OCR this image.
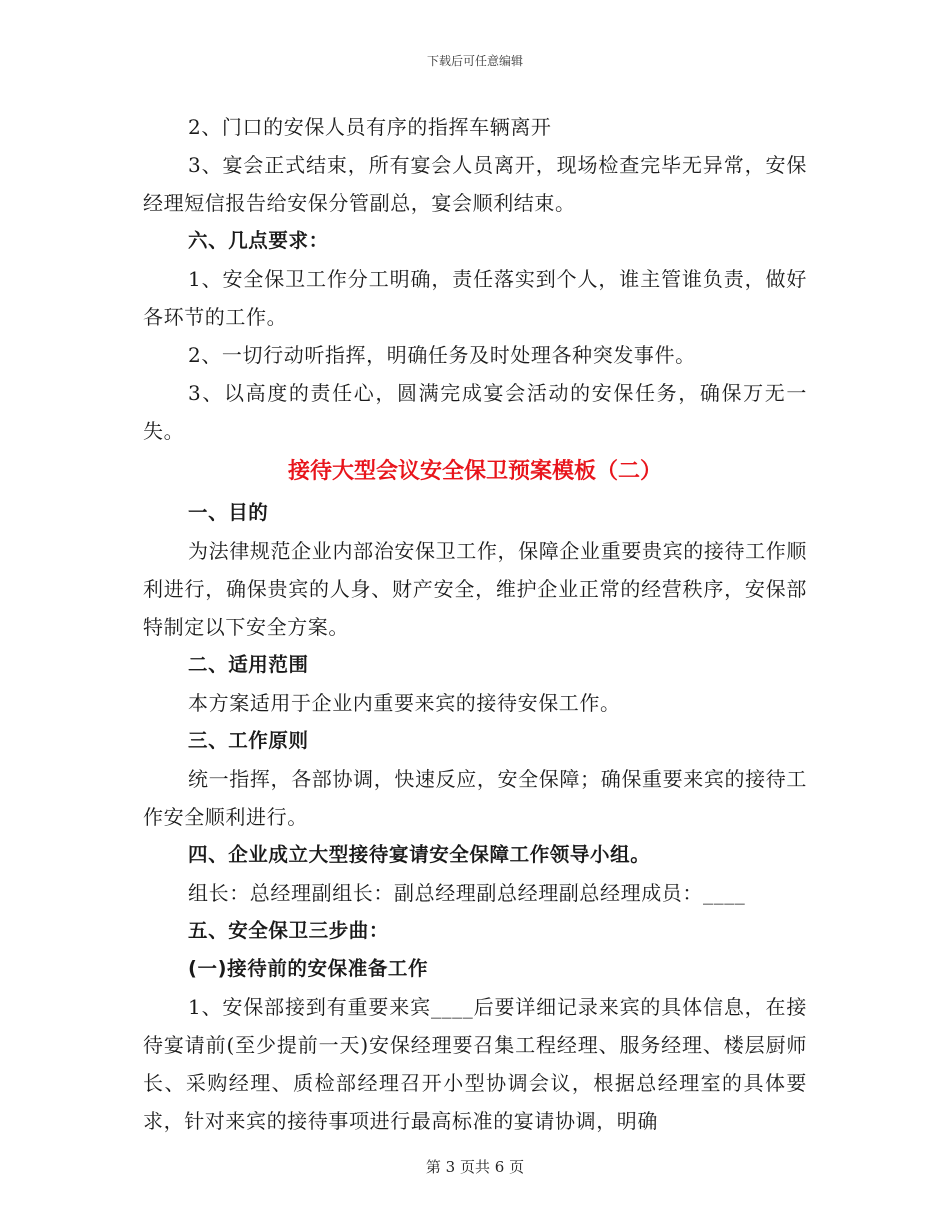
下载后可任意编辑

2、门口的安保人员有序的指挥车辆离开

3、宴会正式结束，所有宴会人员离开，现场检查完毕无异常，安保经理短信报告给安保分管副总，宴会顺利结束。

六、几点要求：

1、安全保卫工作分工明确，责任落实到个人，谁主管谁负责，做好各环节的工作。

2、一切行动听指挥，明确任务及时处理各种突发事件。

3、以高度的责任心，圆满完成宴会活动的安保任务，确保万无一失。

接待大型会议安全保卫预案模板（二）

一、目的

为法律规范企业内部治安保卫工作，保障企业重要贵宾的接待工作顺利进行，确保贵宾的人身、财产安全，维护企业正常的经营秩序，安保部特制定以下安全方案。

二、适用范围

本方案适用于企业内重要来宾的接待安保工作。

三、工作原则

统一指挥，各部协调，快速反应，安全保障；确保重要来宾的接待工作安全顺利进行。

四、企业成立大型接待宴请安全保障工作领导小组。

组长：总经理副组长：副总经理副总经理副总经理成员：____

五、安全保卫三步曲：

(一)接待前的安保准备工作

1、安保部接到有重要来宾____后要详细记录来宾的具体信息，在接待宴请前(至少提前一天)安保经理要召集工程经理、服务经理、楼层厨师长、采购经理、质检部经理召开小型协调会议，根据总经理室的具体要求，针对来宾的接待事项进行最高标准的宴请协调，明确

第 3 页共 6 页
